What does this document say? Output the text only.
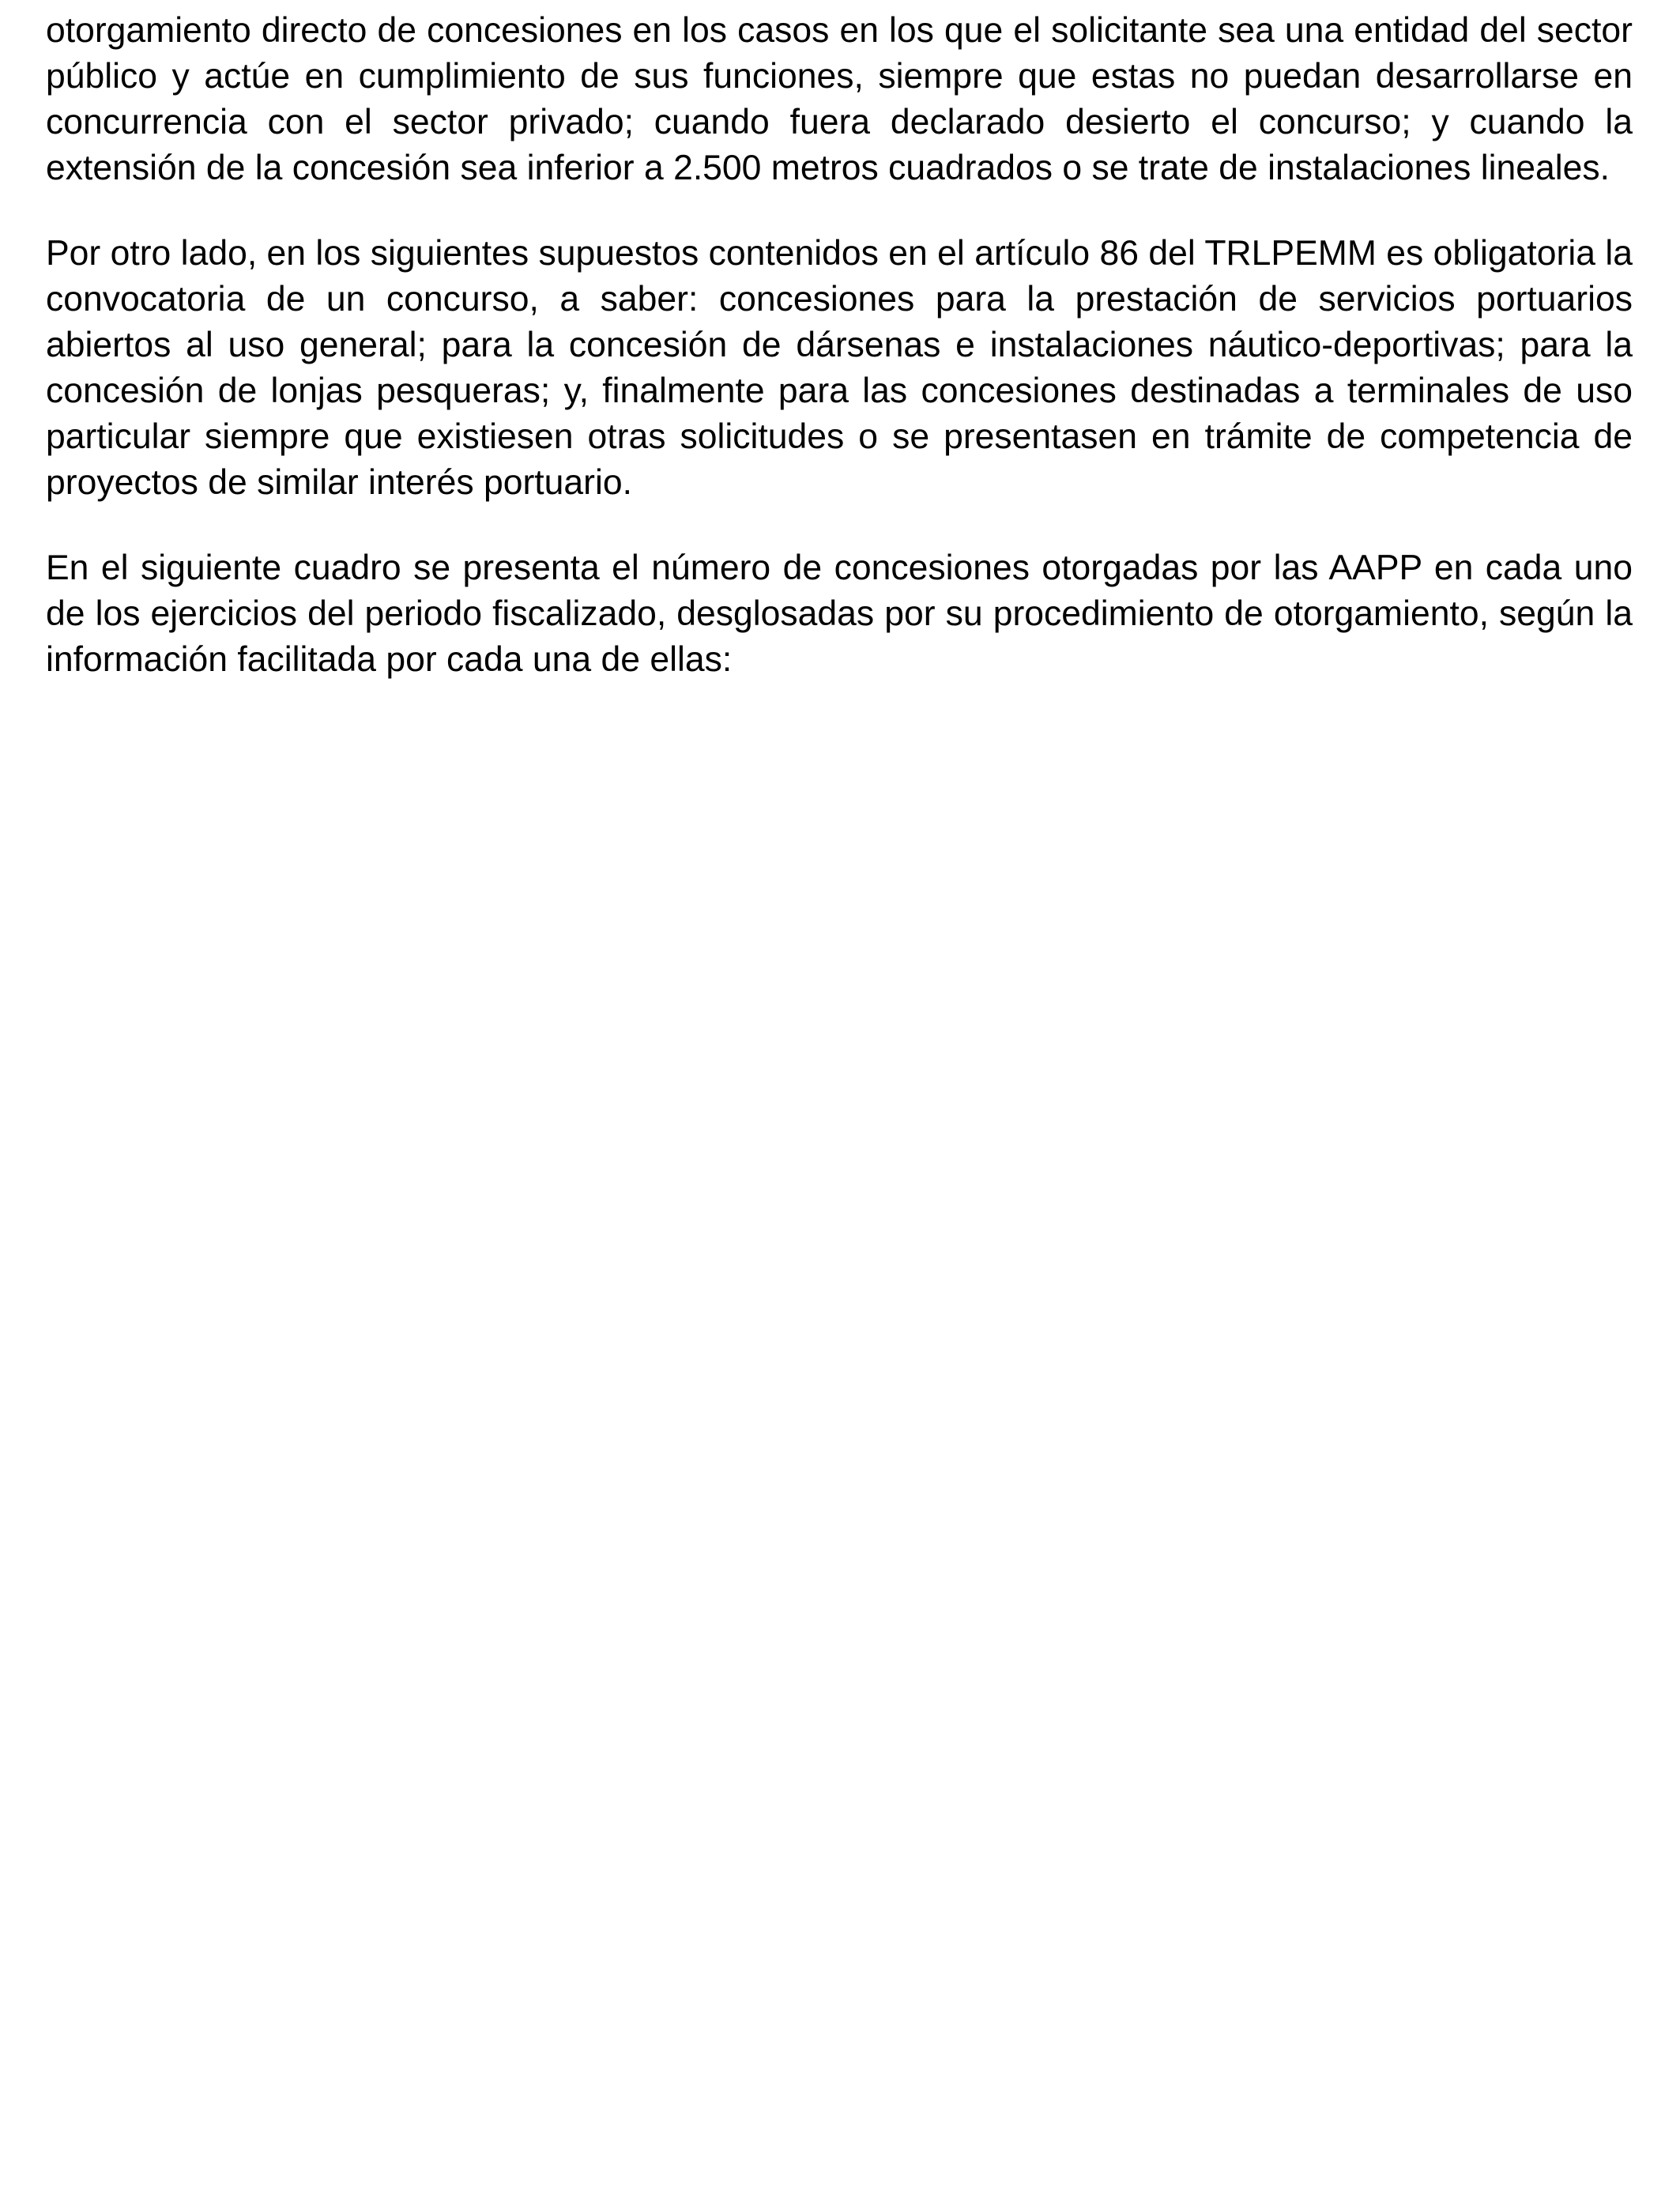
otorgamiento directo de concesiones en los casos en los que el solicitante sea una entidad del sector público y actúe en cumplimiento de sus funciones, siempre que estas no puedan desarrollarse en concurrencia con el sector privado; cuando fuera declarado desierto el concurso; y cuando la extensión de la concesión sea inferior a 2.500 metros cuadrados o se trate de instalaciones lineales.

Por otro lado, en los siguientes supuestos contenidos en el artículo 86 del TRLPEMM es obligatoria la convocatoria de un concurso, a saber: concesiones para la prestación de servicios portuarios abiertos al uso general; para la concesión de dársenas e instalaciones náutico-deportivas; para la concesión de lonjas pesqueras; y, finalmente para las concesiones destinadas a terminales de uso particular siempre que existiesen otras solicitudes o se presentasen en trámite de competencia de proyectos de similar interés portuario.

En el siguiente cuadro se presenta el número de concesiones otorgadas por las AAPP en cada uno de los ejercicios del periodo fiscalizado, desglosadas por su procedimiento de otorgamiento, según la información facilitada por cada una de ellas:
